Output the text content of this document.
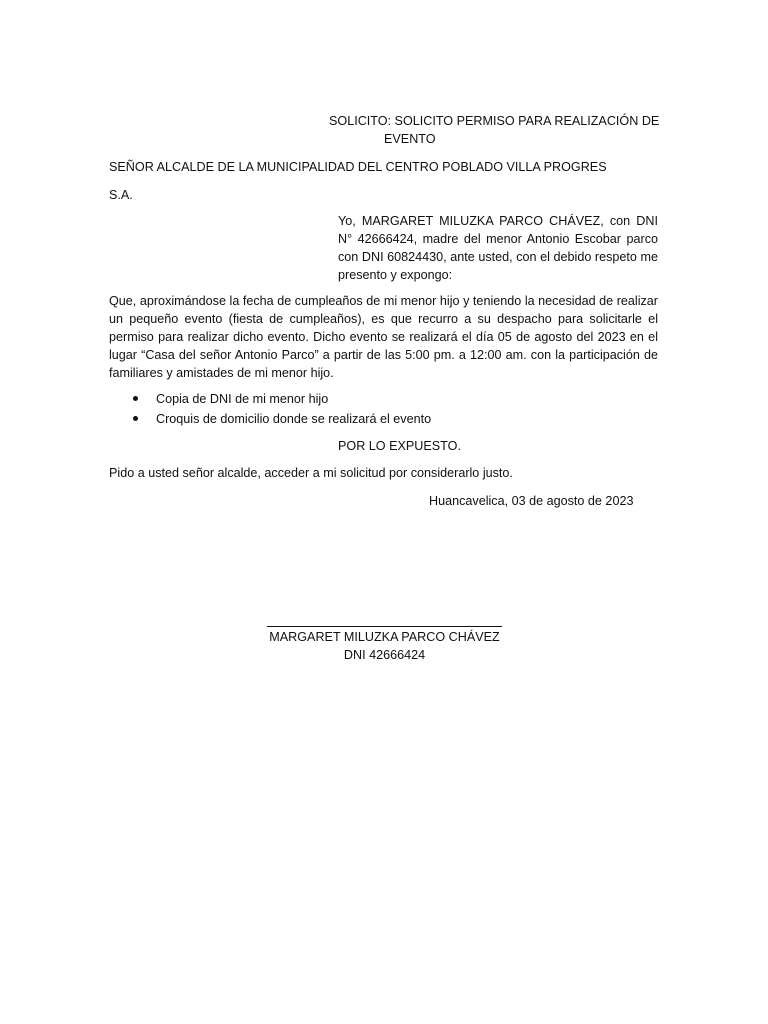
SOLICITO: SOLICITO PERMISO PARA REALIZACIÓN DE
EVENTO
SEÑOR ALCALDE DE LA MUNICIPALIDAD DEL CENTRO POBLADO VILLA PROGRES
S.A.
Yo, MARGARET MILUZKA PARCO CHÁVEZ, con DNI N° 42666424, madre del menor Antonio Escobar parco con DNI 60824430, ante usted, con el debido respeto me presento y expongo:
Que, aproximándose la fecha de cumpleaños de mi menor hijo y teniendo la necesidad de realizar un pequeño evento (fiesta de cumpleaños), es que recurro a su despacho para solicitarle el permiso para realizar dicho evento. Dicho evento se realizará el día 05 de agosto del 2023 en el lugar “Casa del señor Antonio Parco” a partir de las 5:00 pm. a 12:00 am. con la participación de familiares y amistades de mi menor hijo.
Copia de DNI de mi menor hijo
Croquis de domicilio donde se realizará el evento
POR LO EXPUESTO.
Pido a usted señor alcalde, acceder a mi solicitud por considerarlo justo.
Huancavelica, 03 de agosto de 2023
MARGARET MILUZKA PARCO CHÁVEZ
DNI 42666424
